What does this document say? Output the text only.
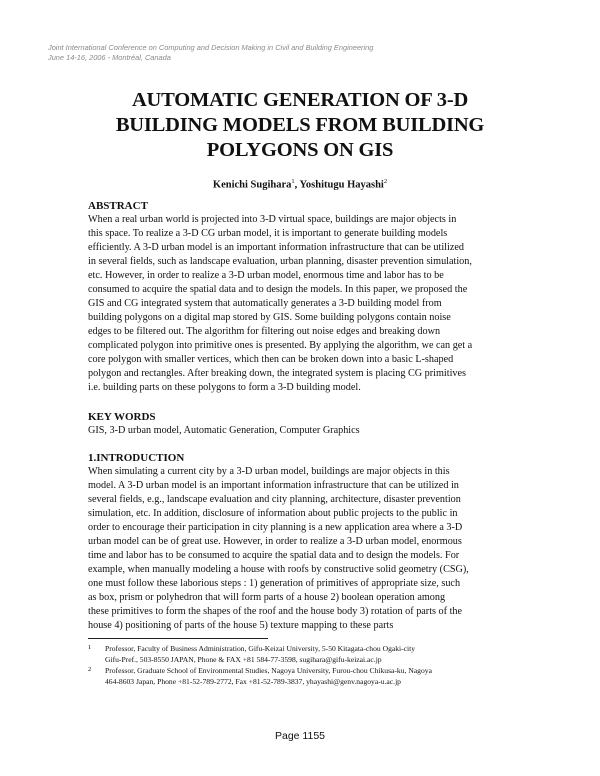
Joint International Conference on Computing and Decision Making in Civil and Building Engineering
June 14-16, 2006 - Montréal, Canada
AUTOMATIC GENERATION OF 3-D
BUILDING MODELS FROM BUILDING
POLYGONS ON GIS
Kenichi Sugihara$^1$, Yoshitugu Hayashi$^2$
ABSTRACT
When a real urban world is projected into 3-D virtual space, buildings are major objects in
this space. To realize a 3-D CG urban model, it is important to generate building models
efficiently. A 3-D urban model is an important information infrastructure that can be utilized
in several fields, such as landscape evaluation, urban planning, disaster prevention simulation,
etc. However, in order to realize a 3-D urban model, enormous time and labor has to be
consumed to acquire the spatial data and to design the models. In this paper, we proposed the
GIS and CG integrated system that automatically generates a 3-D building model from
building polygons on a digital map stored by GIS. Some building polygons contain noise
edges to be filtered out. The algorithm for filtering out noise edges and breaking down
complicated polygon into primitive ones is presented. By applying the algorithm, we can get a
core polygon with smaller vertices, which then can be broken down into a basic L-shaped
polygon and rectangles. After breaking down, the integrated system is placing CG primitives
i.e. building parts on these polygons to form a 3-D building model.
KEY WORDS
GIS, 3-D urban model, Automatic Generation, Computer Graphics
1.INTRODUCTION
When simulating a current city by a 3-D urban model, buildings are major objects in this
model. A 3-D urban model is an important information infrastructure that can be utilized in
several fields, e.g., landscape evaluation and city planning, architecture, disaster prevention
simulation, etc. In addition, disclosure of information about public projects to the public in
order to encourage their participation in city planning is a new application area where a 3-D
urban model can be of great use. However, in order to realize a 3-D urban model, enormous
time and labor has to be consumed to acquire the spatial data and to design the models. For
example, when manually modeling a house with roofs by constructive solid geometry (CSG),
one must follow these laborious steps : 1) generation of primitives of appropriate size, such
as box, prism or polyhedron that will form parts of a house 2) boolean operation among
these primitives to form the shapes of the roof and the house body 3) rotation of parts of the
house 4) positioning of parts of the house 5) texture mapping to these parts
1 Professor, Faculty of Business Administration, Gifu-Keizai University, 5-50 Kitagata-chou Ogaki-city
Gifu-Pref., 503-8550 JAPAN, Phone & FAX +81 584-77-3598, sugihara@gifu-keizai.ac.jp
2 Professor, Graduate School of Environmental Studies, Nagoya University, Furou-chou Chikusa-ku, Nagoya
464-8603 Japan, Phone +81-52-789-2772, Fax +81-52-789-3837, yhayashi@genv.nagoya-u.ac.jp
Page 1155
